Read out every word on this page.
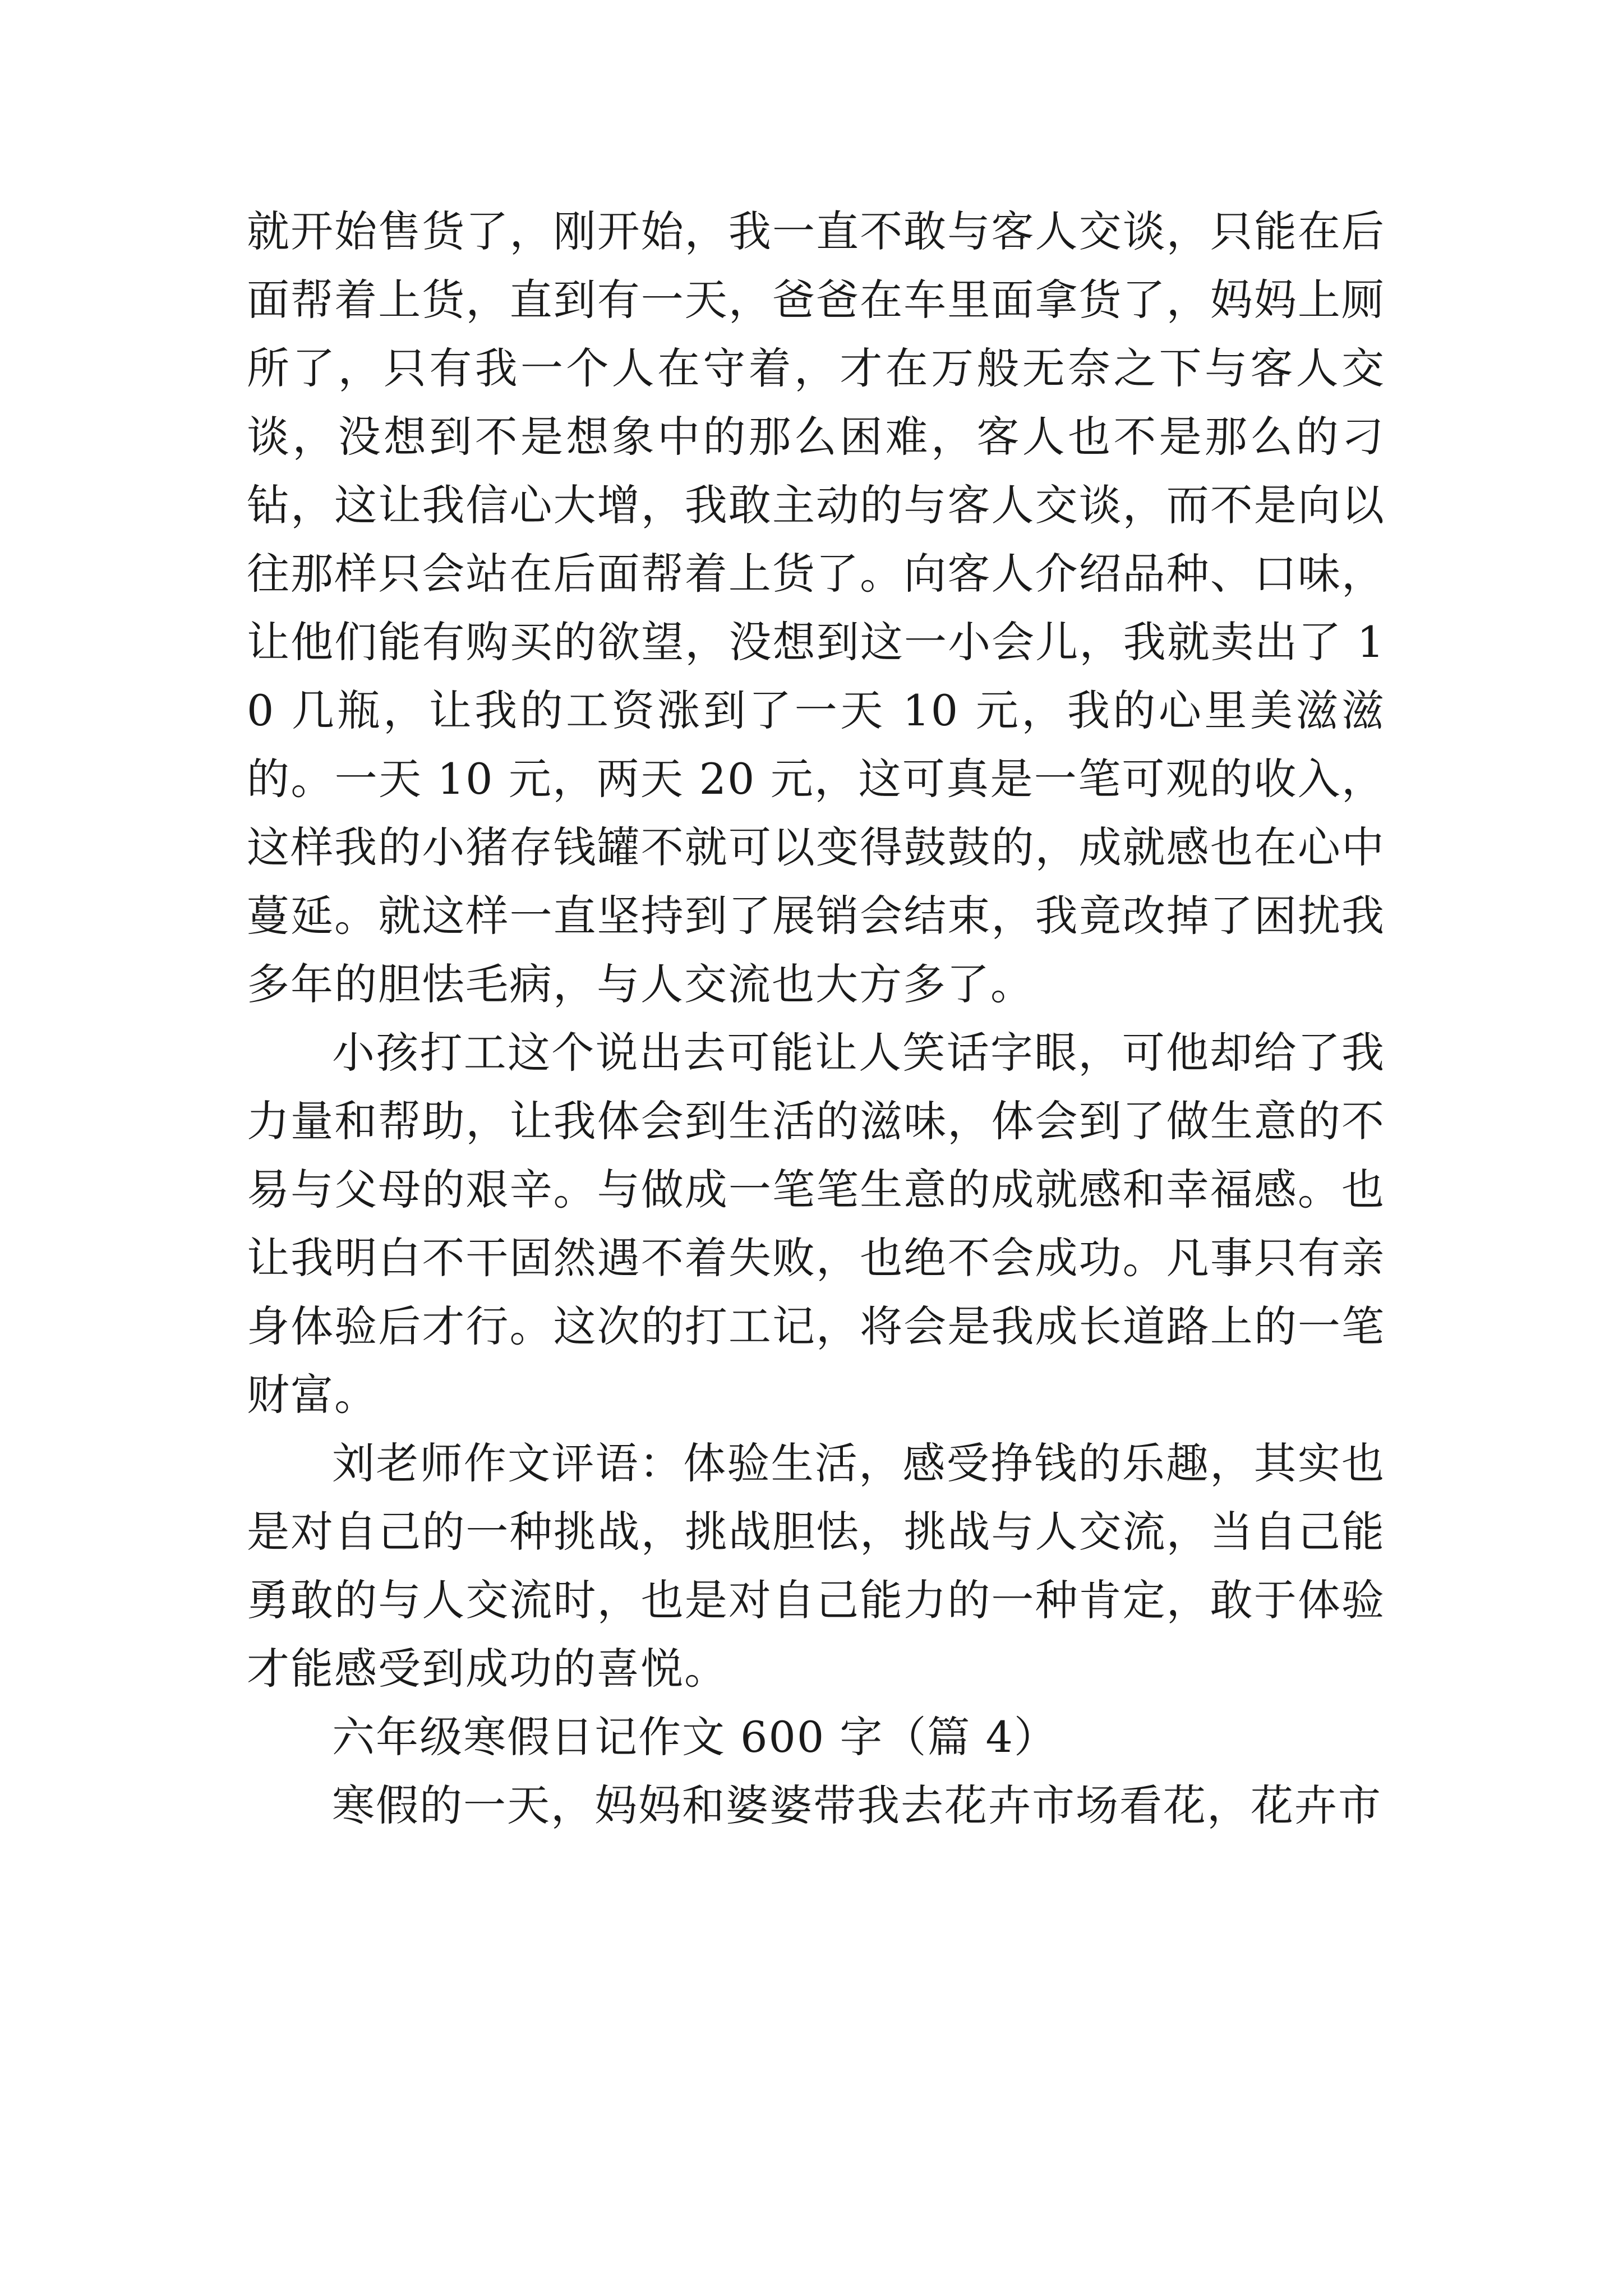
就开始售货了，刚开始，我一直不敢与客人交谈，只能在后面帮着上货，直到有一天，爸爸在车里面拿货了，妈妈上厕所了，只有我一个人在守着，才在万般无奈之下与客人交谈，没想到不是想象中的那么困难，客人也不是那么的刁钻，这让我信心大增，我敢主动的与客人交谈，而不是向以往那样只会站在后面帮着上货了。向客人介绍品种、口味，让他们能有购买的欲望，没想到这一小会儿，我就卖出了 10 几瓶，让我的工资涨到了一天 10 元，我的心里美滋滋的。一天 10 元，两天 20 元，这可真是一笔可观的收入，这样我的小猪存钱罐不就可以变得鼓鼓的，成就感也在心中蔓延。就这样一直坚持到了展销会结束，我竟改掉了困扰我多年的胆怯毛病，与人交流也大方多了。

小孩打工这个说出去可能让人笑话字眼，可他却给了我力量和帮助，让我体会到生活的滋味，体会到了做生意的不易与父母的艰辛。与做成一笔笔生意的成就感和幸福感。也让我明白不干固然遇不着失败，也绝不会成功。凡事只有亲身体验后才行。这次的打工记，将会是我成长道路上的一笔财富。

刘老师作文评语：体验生活，感受挣钱的乐趣，其实也是对自己的一种挑战，挑战胆怯，挑战与人交流，当自己能勇敢的与人交流时，也是对自己能力的一种肯定，敢于体验才能感受到成功的喜悦。

六年级寒假日记作文 600 字（篇 4）

寒假的一天，妈妈和婆婆带我去花卉市场看花，花卉市
